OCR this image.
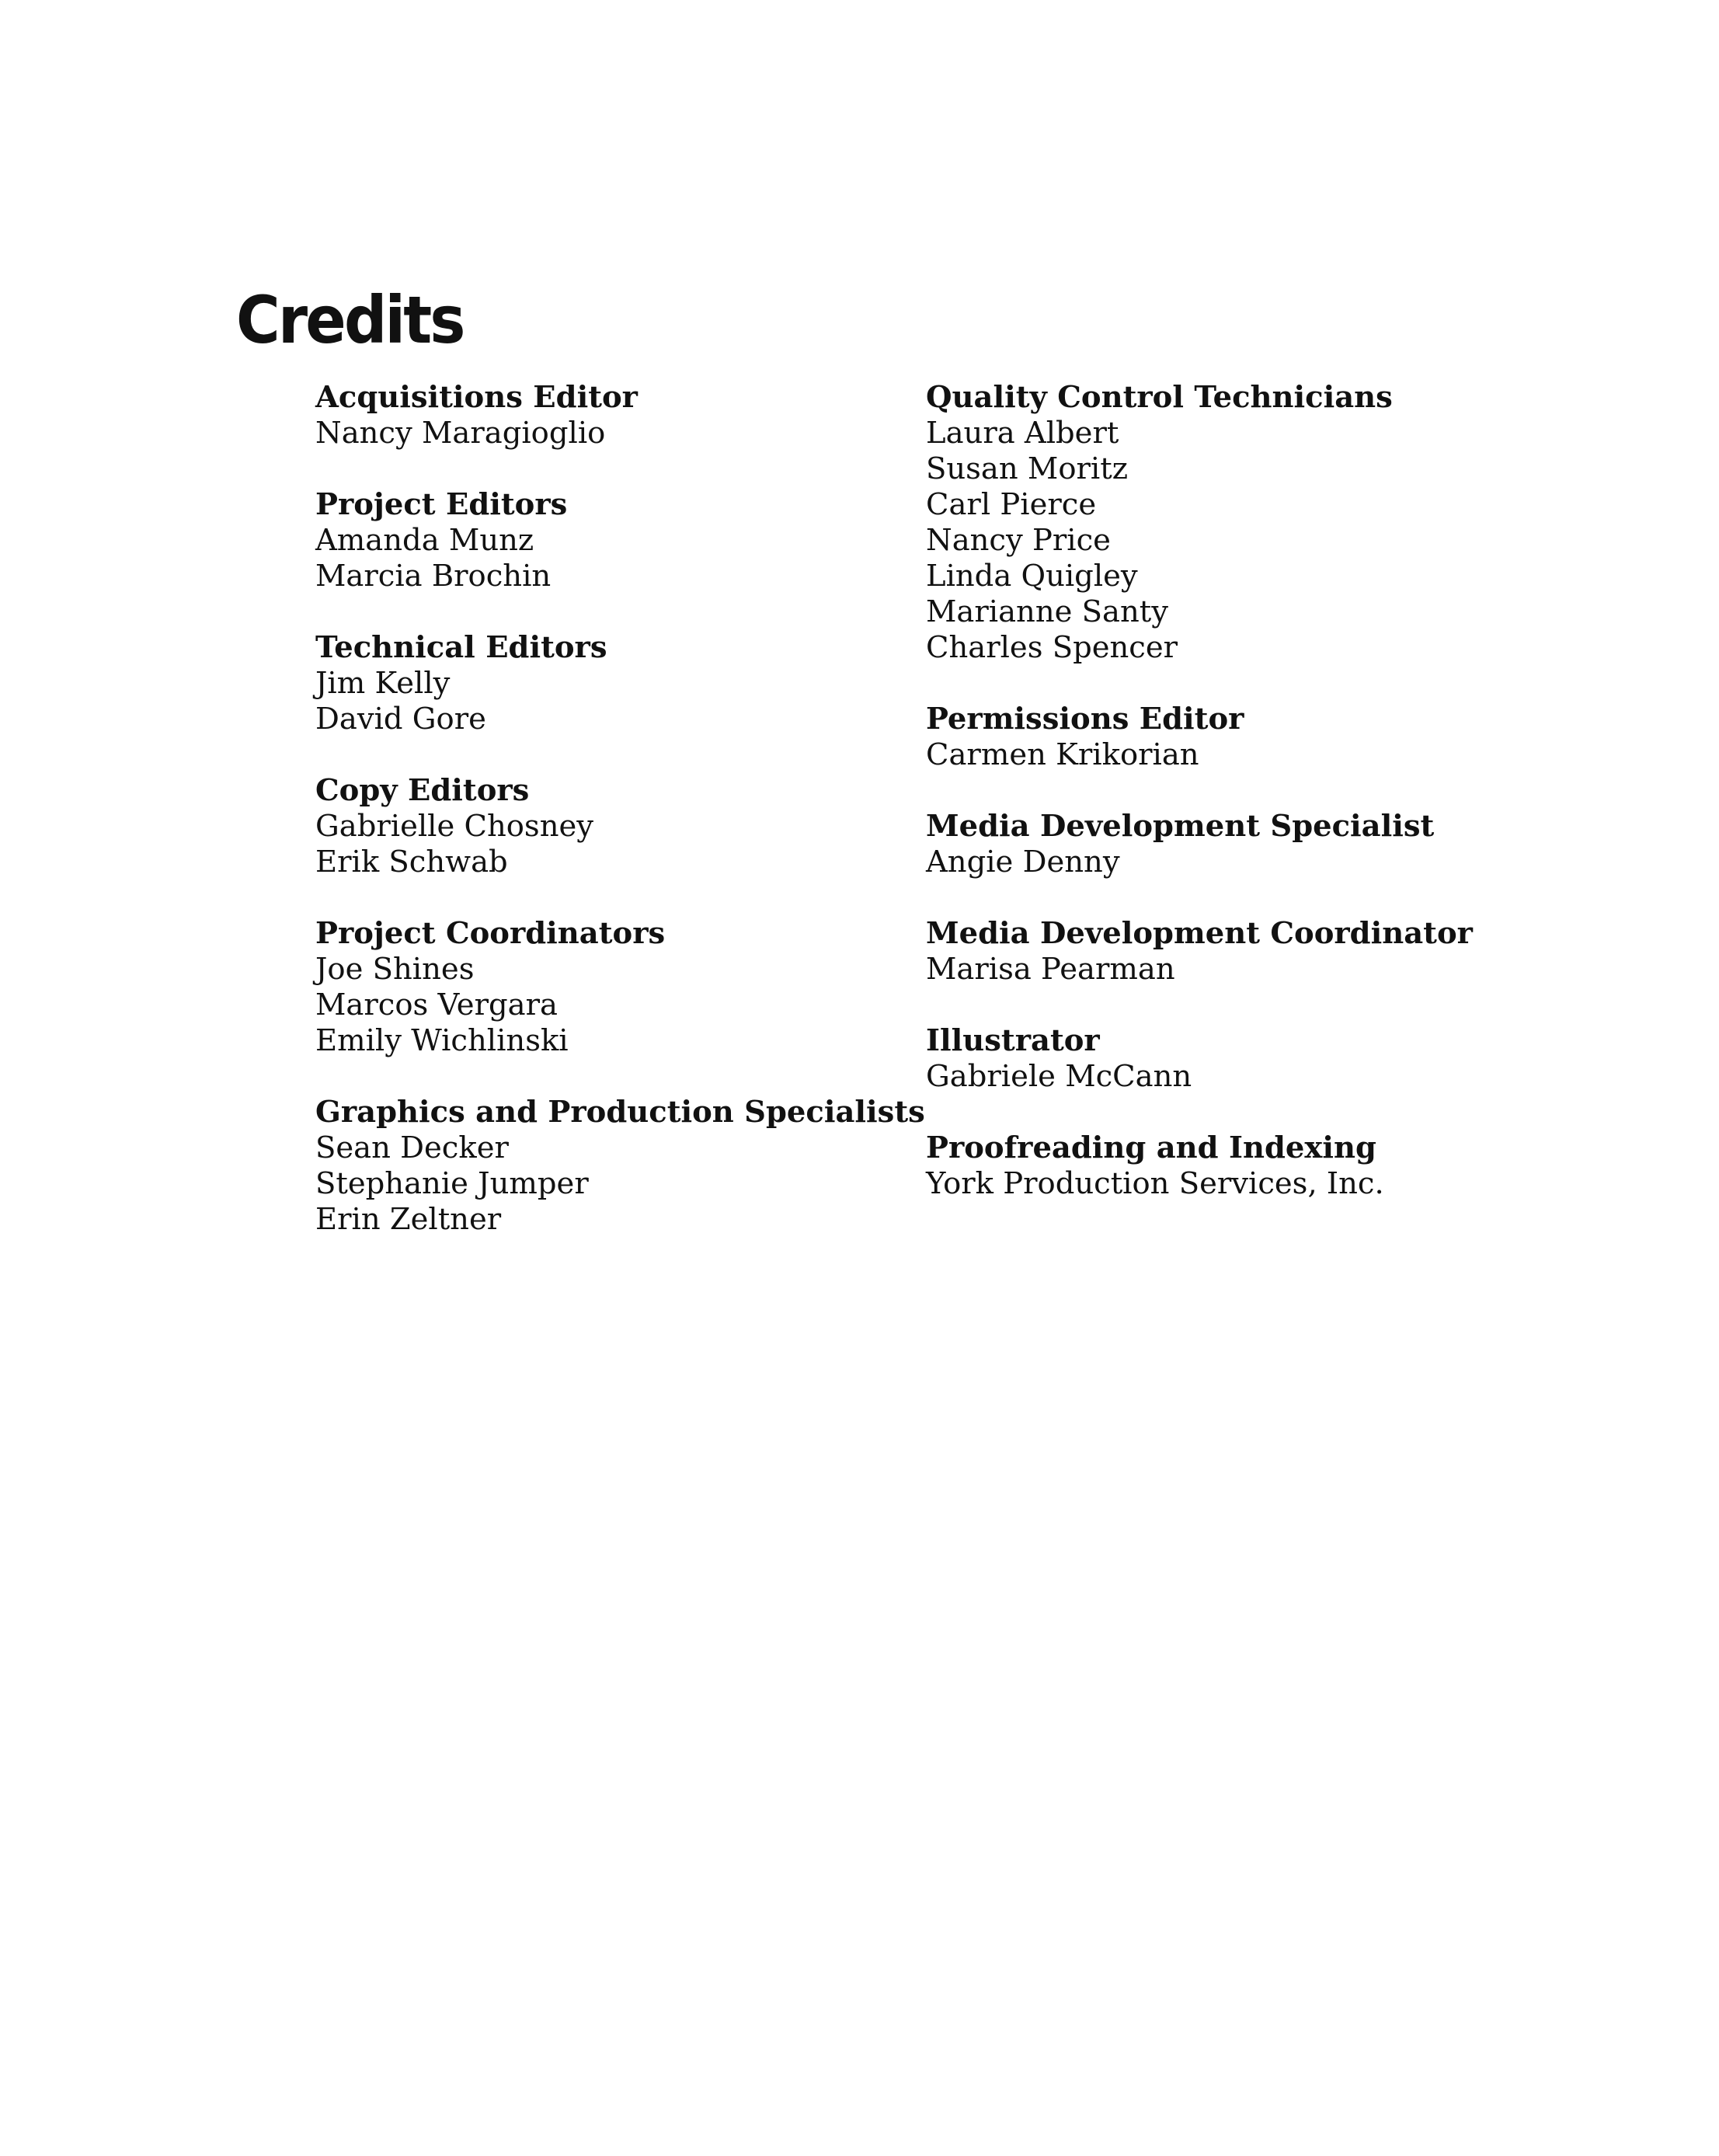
Credits
Acquisitions Editor
Nancy Maragioglio
Project Editors
Amanda Munz
Marcia Brochin
Technical Editors
Jim Kelly
David Gore
Copy Editors
Gabrielle Chosney
Erik Schwab
Project Coordinators
Joe Shines
Marcos Vergara
Emily Wichlinski
Graphics and Production Specialists
Sean Decker
Stephanie Jumper
Erin Zeltner
Quality Control Technicians
Laura Albert
Susan Moritz
Carl Pierce
Nancy Price
Linda Quigley
Marianne Santy
Charles Spencer
Permissions Editor
Carmen Krikorian
Media Development Specialist
Angie Denny
Media Development Coordinator
Marisa Pearman
Illustrator
Gabriele McCann
Proofreading and Indexing
York Production Services, Inc.
